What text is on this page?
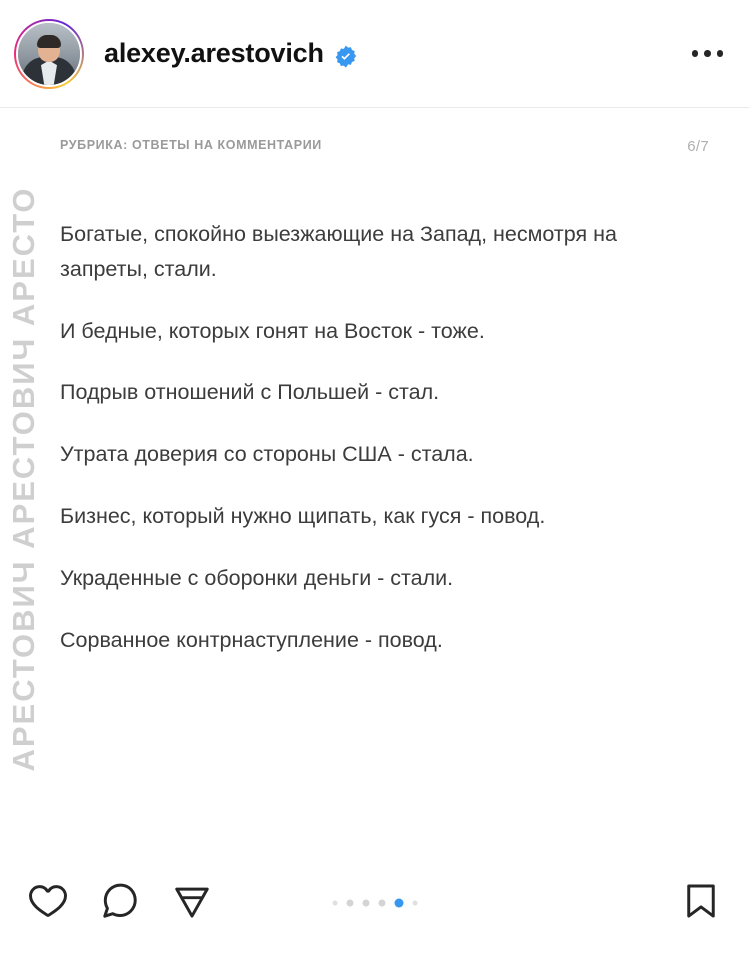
alexey.arestovich
АРЕСТОВИЧ АРЕСТОВИЧ АРЕСТО
РУБРИКА: ОТВЕТЫ НА КОММЕНТАРИИ	6/7

Богатые, спокойно выезжающие на Запад, несмотря на запреты, стали.

И бедные, которых гонят на Восток - тоже.

Подрыв отношений с Польшей - стал.

Утрата доверия со стороны США - стала.

Бизнес, который нужно щипать, как гуся - повод.

Украденные с оборонки деньги - стали.

Сорванное контрнаступление - повод.
